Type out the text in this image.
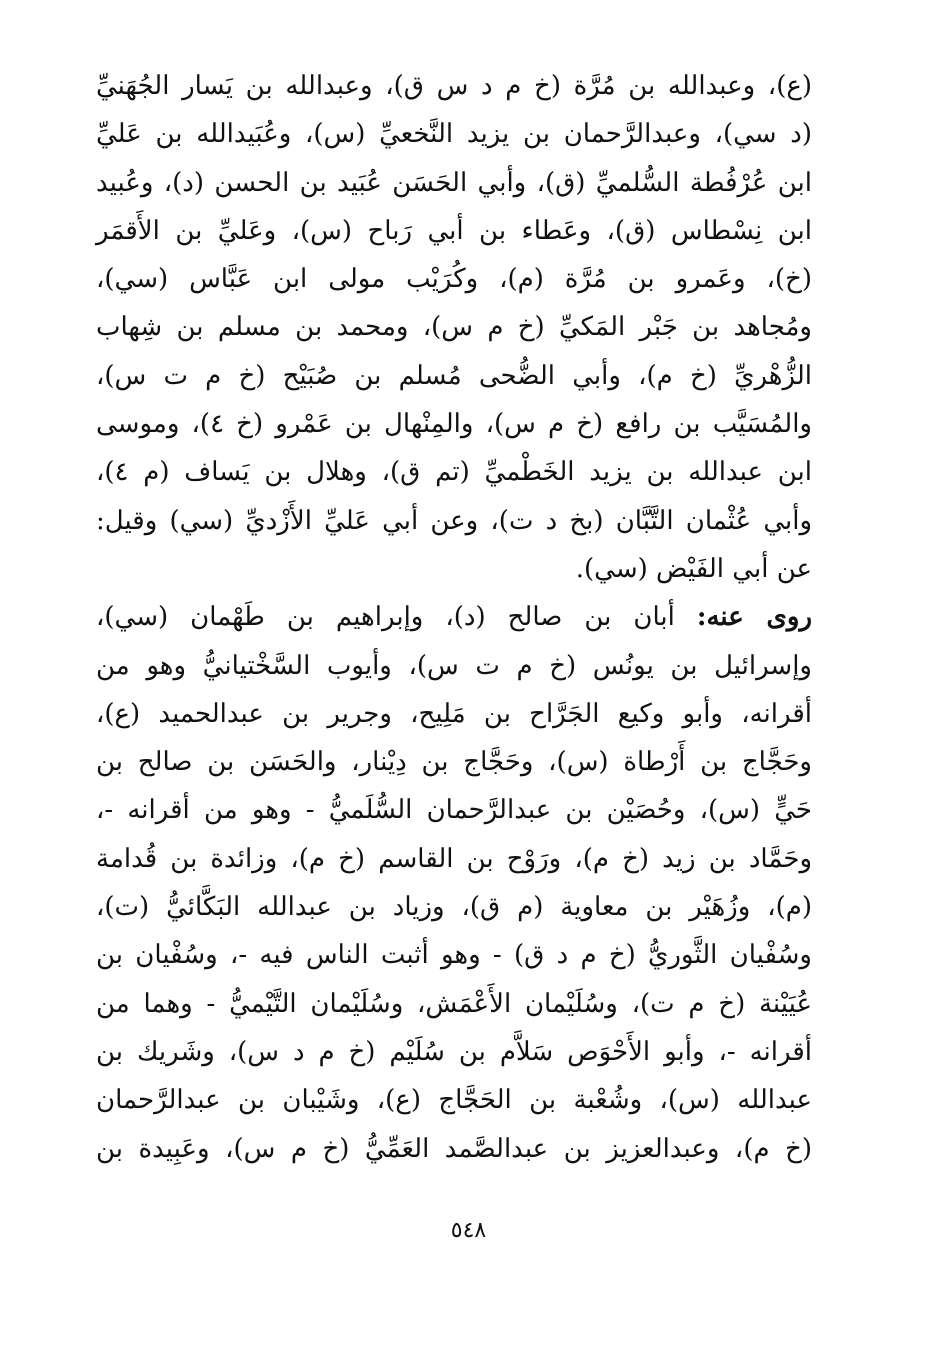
(ع)، وعبدالله بن مُرَّة (خ م د س ق)، وعبدالله بن يَسار الجُهَنيِّ
(د سي)، وعبدالرَّحمان بن يزيد النَّخعيِّ (س)، وعُبَيدالله بن عَليِّ
ابن عُرْفُطة السُّلميِّ (ق)، وأبي الحَسَن عُبَيد بن الحسن (د)، وعُبيد
ابن نِسْطاس (ق)، وعَطاء بن أبي رَباح (س)، وعَليِّ بن الأَقمَر
(خ)، وعَمرو بن مُرَّة (م)، وكُرَيْب مولى ابن عَبَّاس (سي)،
ومُجاهد بن جَبْر المَكيِّ (خ م س)، ومحمد بن مسلم بن شِهاب
الزُّهْريِّ (خ م)، وأبي الضُّحى مُسلم بن صُبَيْح (خ م ت س)،
والمُسَيَّب بن رافع (خ م س)، والمِنْهال بن عَمْرو (خ ٤)، وموسى
ابن عبدالله بن يزيد الخَطْميِّ (تم ق)، وهلال بن يَساف (م ٤)،
وأبي عُثْمان التَّبَّان (بخ د ت)، وعن أبي عَليِّ الأَزْديِّ (سي) وقيل:
عن أبي الفَيْض (سي).
روى عنه: أبان بن صالح (د)، وإبراهيم بن طَهْمان (سي)،
وإسرائيل بن يونُس (خ م ت س)، وأيوب السَّخْتيانيُّ وهو من
أقرانه، وأبو وكيع الجَرَّاح بن مَلِيح، وجرير بن عبدالحميد (ع)،
وحَجَّاج بن أَرْطاة (س)، وحَجَّاج بن دِيْنار، والحَسَن بن صالح بن
حَيٍّ (س)، وحُصَيْن بن عبدالرَّحمان السُّلَميُّ - وهو من أقرانه -،
وحَمَّاد بن زيد (خ م)، ورَوْح بن القاسم (خ م)، وزائدة بن قُدامة
(م)، وزُهَيْر بن معاوية (م ق)، وزياد بن عبدالله البَكَّائيُّ (ت)،
وسُفْيان الثَّوريُّ (خ م د ق) - وهو أثبت الناس فيه -، وسُفْيان بن
عُيَيْنة (خ م ت)، وسُلَيْمان الأَعْمَش، وسُلَيْمان التَّيْميُّ - وهما من
أقرانه -، وأبو الأَحْوَص سَلاَّم بن سُلَيْم (خ م د س)، وشَريك بن
عبدالله (س)، وشُعْبة بن الحَجَّاج (ع)، وشَيْبان بن عبدالرَّحمان
(خ م)، وعبدالعزيز بن عبدالصَّمد العَمِّيُّ (خ م س)، وعَبِيدة بن
٥٤٨
